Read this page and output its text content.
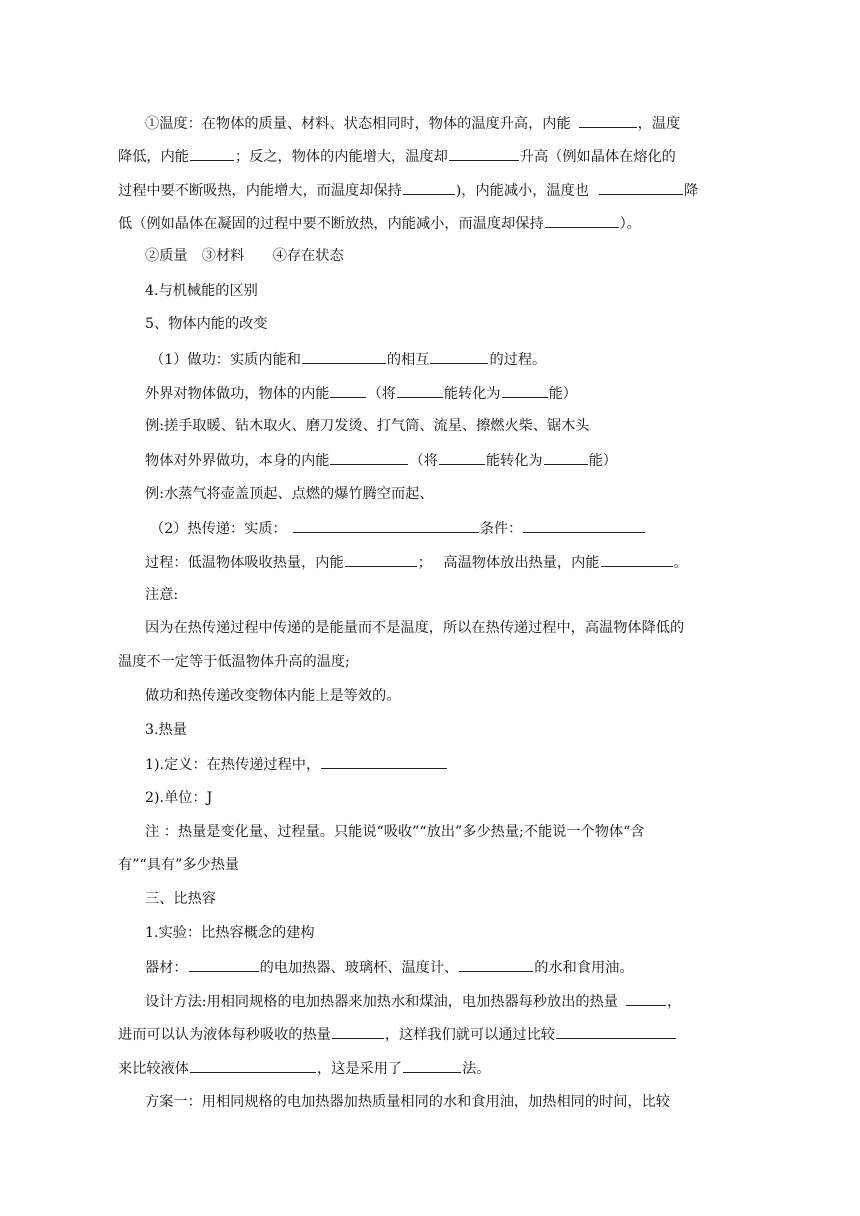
①温度：在物体的质量、材料、状态相同时，物体的温度升高，内能	，温度
降低，内能	；反之，物体的内能增大，温度却	升高（例如晶体在熔化的
过程中要不断吸热，内能增大，而温度却保持	)，内能减小，温度也	降
低（例如晶体在凝固的过程中要不断放热，内能减小，而温度却保持	）。
②质量　③材料　　④存在状态
4.与机械能的区别
5、物体内能的改变
（1）做功：实质内能和	的相互	的过程。
外界对物体做功，物体的内能	（将	能转化为	能）
例:搓手取暖、钻木取火、磨刀发烫、打气筒、流星、擦燃火柴、锯木头
物体对外界做功，本身的内能	（将	能转化为	能）
例:水蒸气将壶盖顶起、点燃的爆竹腾空而起、
（2）热传递：实质：	条件：
过程：低温物体吸收热量，内能	；　 高温物体放出热量，内能	。
注意:
因为在热传递过程中传递的是能量而不是温度，所以在热传递过程中，高温物体降低的
温度不一定等于低温物体升高的温度;
做功和热传递改变物体内能上是等效的。
3.热量
1).定义：在热传递过程中，
2).单位：J
注 ：热量是变化量、过程量。只能说“吸收”“放出”多少热量;不能说一个物体“含
有”“具有”多少热量
三、比热容
1.实验：比热容概念的建构
器材：	的电加热器、玻璃杯、温度计、	的水和食用油。
设计方法:用相同规格的电加热器来加热水和煤油，电加热器每秒放出的热量	，
进而可以认为液体每秒吸收的热量	，这样我们就可以通过比较
来比较液体	，这是采用了	法。
方案一：用相同规格的电加热器加热质量相同的水和食用油，加热相同的时间，比较
